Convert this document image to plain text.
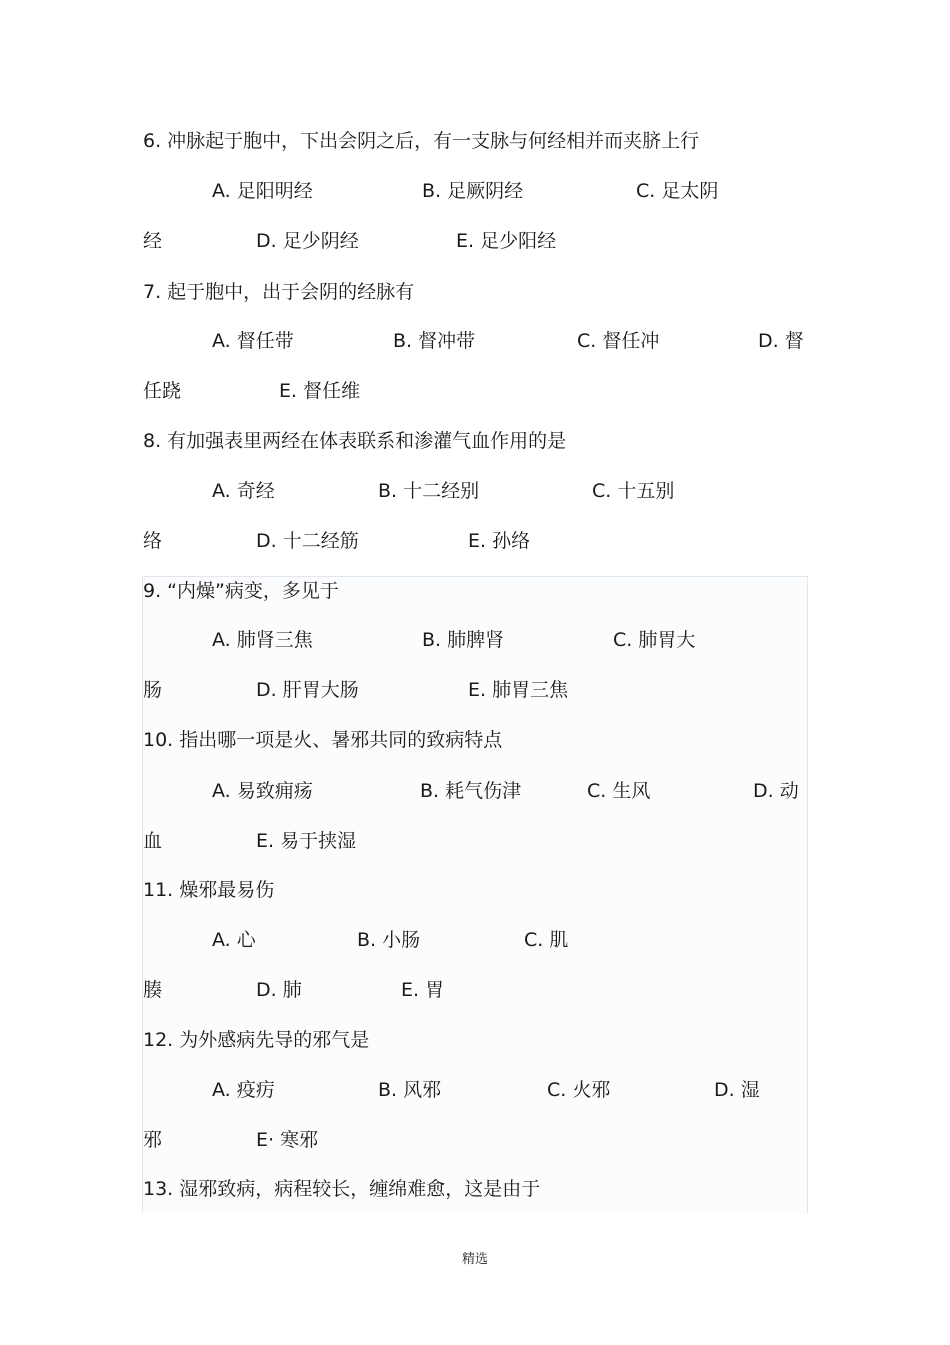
6. 冲脉起于胞中，下出会阴之后，有一支脉与何经相并而夹脐上行
A. 足阳明经	B. 足厥阴经	C. 足太阴
经	D. 足少阴经	E. 足少阳经
7. 起于胞中，出于会阴的经脉有
A. 督任带	B. 督冲带	C. 督任冲	D. 督
任跷	E. 督任维
8. 有加强表里两经在体表联系和渗灌气血作用的是
A. 奇经	B. 十二经别	C. 十五别
络	D. 十二经筋	E. 孙络
9. “内燥”病变，多见于
A. 肺肾三焦	B. 肺脾肾	C. 肺胃大
肠	D. 肝胃大肠	E. 肺胃三焦
10. 指出哪一项是火、暑邪共同的致病特点
A. 易致痈疡	B. 耗气伤津	C. 生风	D. 动
血	E. 易于挟湿
11. 燥邪最易伤
A. 心	B. 小肠	C. 肌
腠	D. 肺	E. 胃
12. 为外感病先导的邪气是
A. 疫疠	B. 风邪	C. 火邪	D. 湿
邪	E· 寒邪
13. 湿邪致病，病程较长，缠绵难愈，这是由于
精选
